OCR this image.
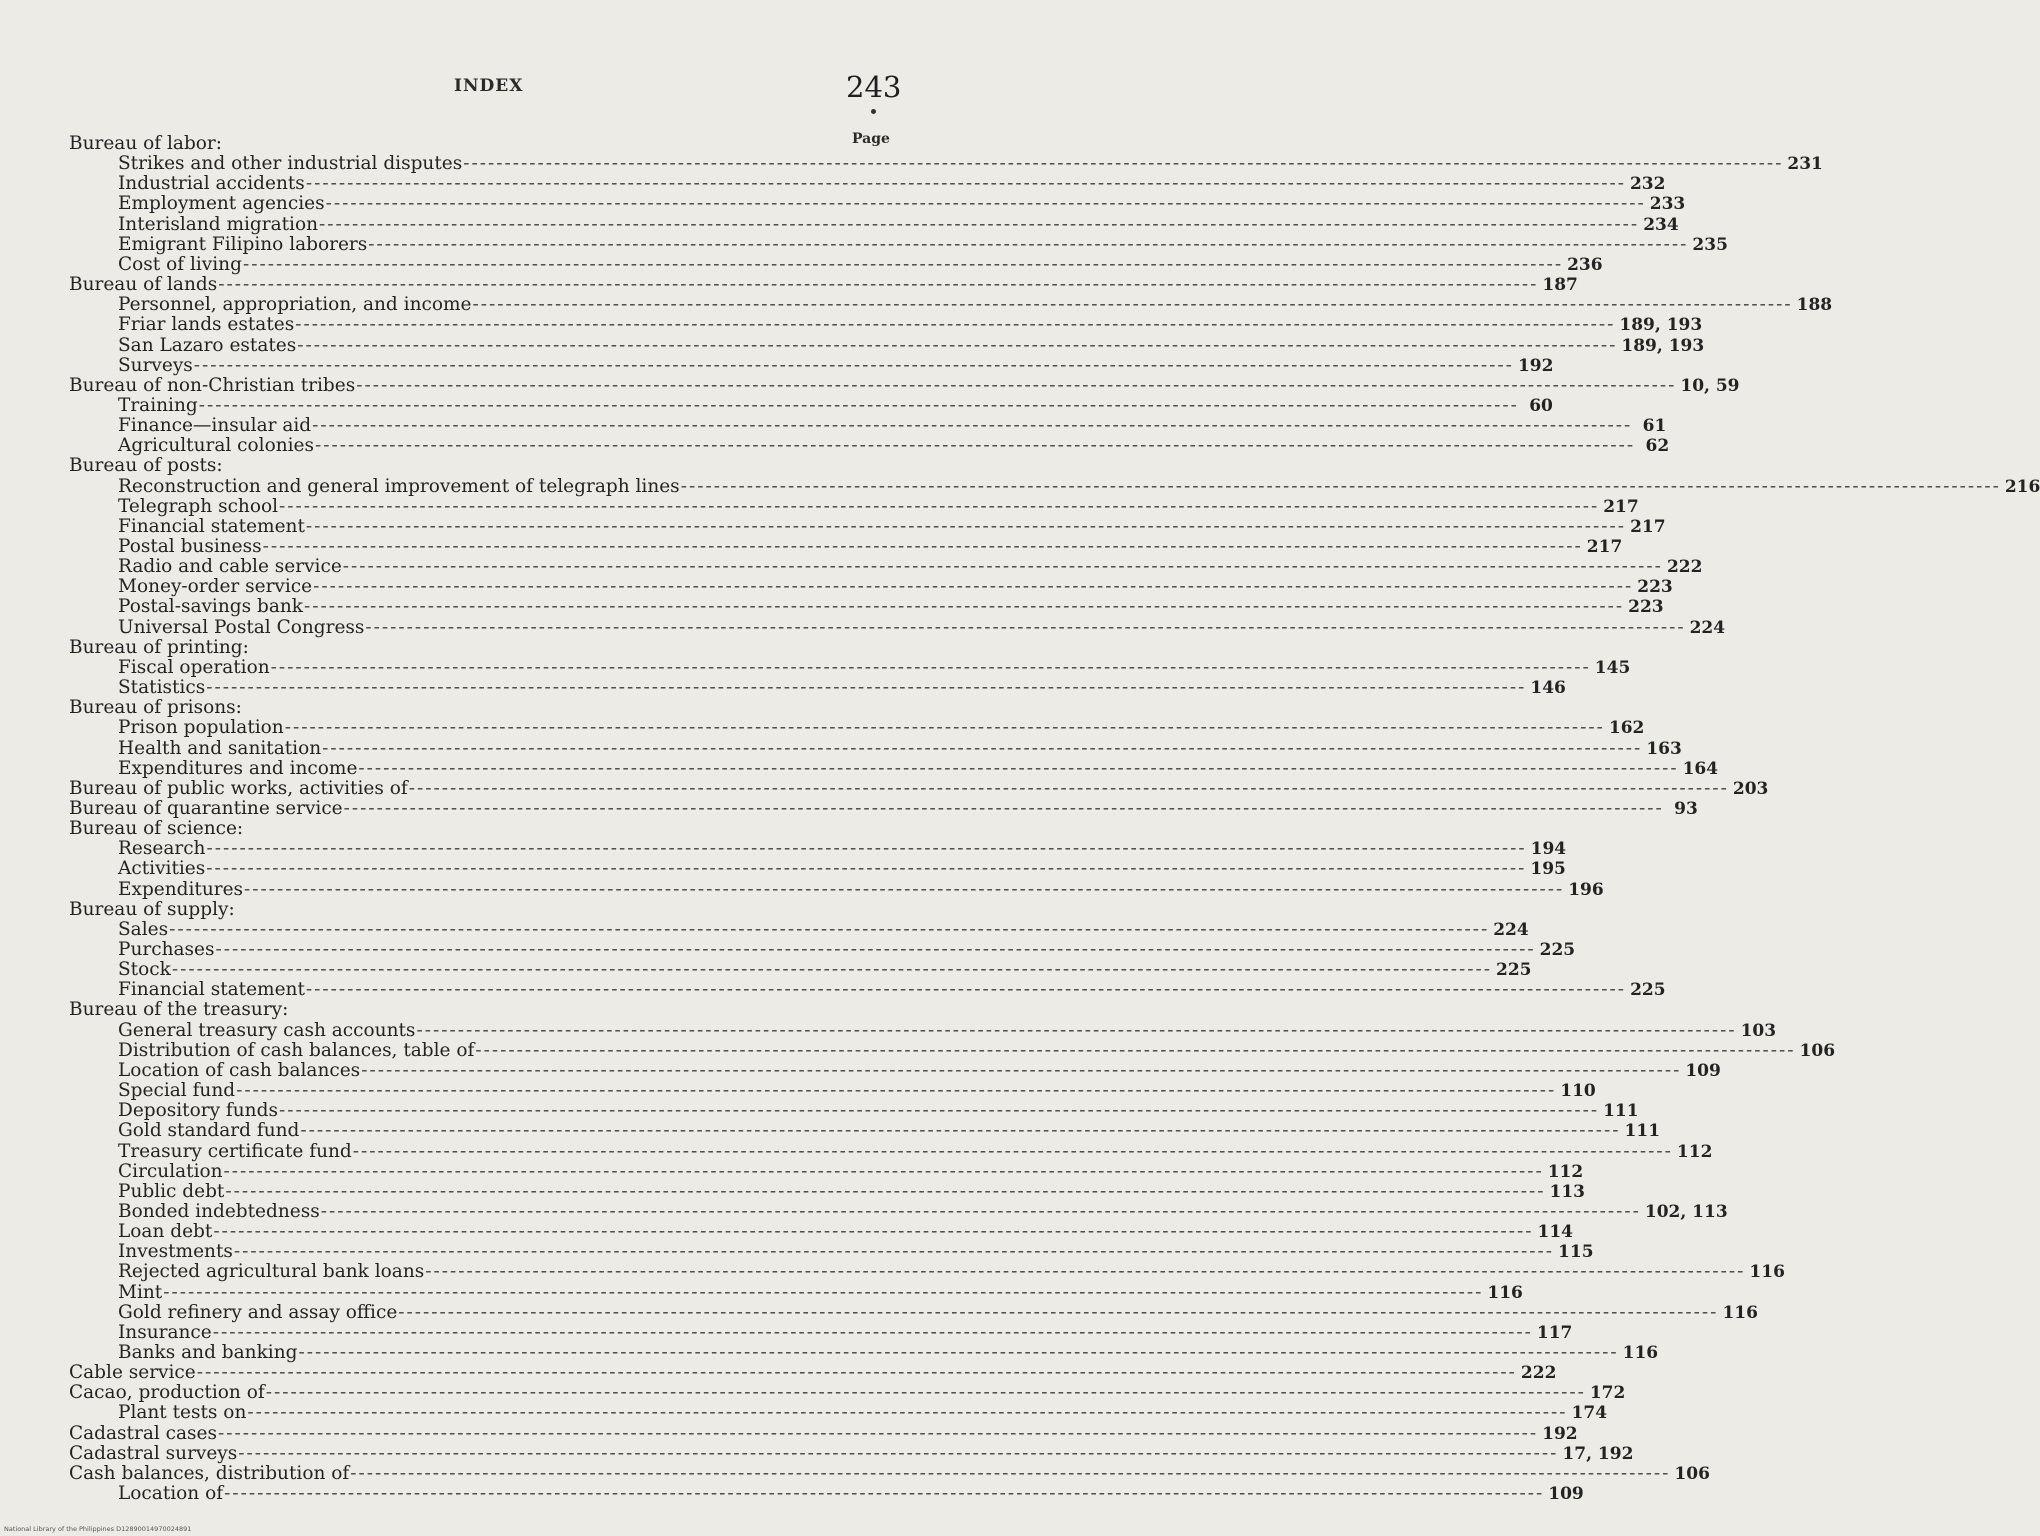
INDEX	243
Page
Bureau of labor:
Strikes and other industrial disputes ---------------------------------------------------------------------------------------------------------------------------------------------------------------- 231
Industrial accidents ---------------------------------------------------------------------------------------------------------------------------------------------------------------- 232
Employment agencies ---------------------------------------------------------------------------------------------------------------------------------------------------------------- 233
Interisland migration ---------------------------------------------------------------------------------------------------------------------------------------------------------------- 234
Emigrant Filipino laborers ---------------------------------------------------------------------------------------------------------------------------------------------------------------- 235
Cost of living ---------------------------------------------------------------------------------------------------------------------------------------------------------------- 236
Bureau of lands ---------------------------------------------------------------------------------------------------------------------------------------------------------------- 187
Personnel, appropriation, and income ---------------------------------------------------------------------------------------------------------------------------------------------------------------- 188
Friar lands estates ---------------------------------------------------------------------------------------------------------------------------------------------------------------- 189, 193
San Lazaro estates ---------------------------------------------------------------------------------------------------------------------------------------------------------------- 189, 193
Surveys ---------------------------------------------------------------------------------------------------------------------------------------------------------------- 192
Bureau of non-Christian tribes ---------------------------------------------------------------------------------------------------------------------------------------------------------------- 10, 59
Training ---------------------------------------------------------------------------------------------------------------------------------------------------------------- 60
Finance—insular aid ---------------------------------------------------------------------------------------------------------------------------------------------------------------- 61
Agricultural colonies ---------------------------------------------------------------------------------------------------------------------------------------------------------------- 62
Bureau of posts:
Reconstruction and general improvement of telegraph lines ---------------------------------------------------------------------------------------------------------------------------------------------------------------- 216
Telegraph school ---------------------------------------------------------------------------------------------------------------------------------------------------------------- 217
Financial statement ---------------------------------------------------------------------------------------------------------------------------------------------------------------- 217
Postal business ---------------------------------------------------------------------------------------------------------------------------------------------------------------- 217
Radio and cable service ---------------------------------------------------------------------------------------------------------------------------------------------------------------- 222
Money-order service ---------------------------------------------------------------------------------------------------------------------------------------------------------------- 223
Postal-savings bank ---------------------------------------------------------------------------------------------------------------------------------------------------------------- 223
Universal Postal Congress ---------------------------------------------------------------------------------------------------------------------------------------------------------------- 224
Bureau of printing:
Fiscal operation ---------------------------------------------------------------------------------------------------------------------------------------------------------------- 145
Statistics ---------------------------------------------------------------------------------------------------------------------------------------------------------------- 146
Bureau of prisons:
Prison population ---------------------------------------------------------------------------------------------------------------------------------------------------------------- 162
Health and sanitation ---------------------------------------------------------------------------------------------------------------------------------------------------------------- 163
Expenditures and income ---------------------------------------------------------------------------------------------------------------------------------------------------------------- 164
Bureau of public works, activities of ---------------------------------------------------------------------------------------------------------------------------------------------------------------- 203
Bureau of quarantine service ---------------------------------------------------------------------------------------------------------------------------------------------------------------- 93
Bureau of science:
Research ---------------------------------------------------------------------------------------------------------------------------------------------------------------- 194
Activities ---------------------------------------------------------------------------------------------------------------------------------------------------------------- 195
Expenditures ---------------------------------------------------------------------------------------------------------------------------------------------------------------- 196
Bureau of supply:
Sales ---------------------------------------------------------------------------------------------------------------------------------------------------------------- 224
Purchases ---------------------------------------------------------------------------------------------------------------------------------------------------------------- 225
Stock ---------------------------------------------------------------------------------------------------------------------------------------------------------------- 225
Financial statement ---------------------------------------------------------------------------------------------------------------------------------------------------------------- 225
Bureau of the treasury:
General treasury cash accounts ---------------------------------------------------------------------------------------------------------------------------------------------------------------- 103
Distribution of cash balances, table of ---------------------------------------------------------------------------------------------------------------------------------------------------------------- 106
Location of cash balances ---------------------------------------------------------------------------------------------------------------------------------------------------------------- 109
Special fund ---------------------------------------------------------------------------------------------------------------------------------------------------------------- 110
Depository funds ---------------------------------------------------------------------------------------------------------------------------------------------------------------- 111
Gold standard fund ---------------------------------------------------------------------------------------------------------------------------------------------------------------- 111
Treasury certificate fund ---------------------------------------------------------------------------------------------------------------------------------------------------------------- 112
Circulation ---------------------------------------------------------------------------------------------------------------------------------------------------------------- 112
Public debt ---------------------------------------------------------------------------------------------------------------------------------------------------------------- 113
Bonded indebtedness ---------------------------------------------------------------------------------------------------------------------------------------------------------------- 102, 113
Loan debt ---------------------------------------------------------------------------------------------------------------------------------------------------------------- 114
Investments ---------------------------------------------------------------------------------------------------------------------------------------------------------------- 115
Rejected agricultural bank loans ---------------------------------------------------------------------------------------------------------------------------------------------------------------- 116
Mint ---------------------------------------------------------------------------------------------------------------------------------------------------------------- 116
Gold refinery and assay office ---------------------------------------------------------------------------------------------------------------------------------------------------------------- 116
Insurance ---------------------------------------------------------------------------------------------------------------------------------------------------------------- 117
Banks and banking ---------------------------------------------------------------------------------------------------------------------------------------------------------------- 116
Cable service ---------------------------------------------------------------------------------------------------------------------------------------------------------------- 222
Cacao, production of ---------------------------------------------------------------------------------------------------------------------------------------------------------------- 172
Plant tests on ---------------------------------------------------------------------------------------------------------------------------------------------------------------- 174
Cadastral cases ---------------------------------------------------------------------------------------------------------------------------------------------------------------- 192
Cadastral surveys ---------------------------------------------------------------------------------------------------------------------------------------------------------------- 17, 192
Cash balances, distribution of ---------------------------------------------------------------------------------------------------------------------------------------------------------------- 106
Location of ---------------------------------------------------------------------------------------------------------------------------------------------------------------- 109
National Library of the Philippines D12890014970024891
